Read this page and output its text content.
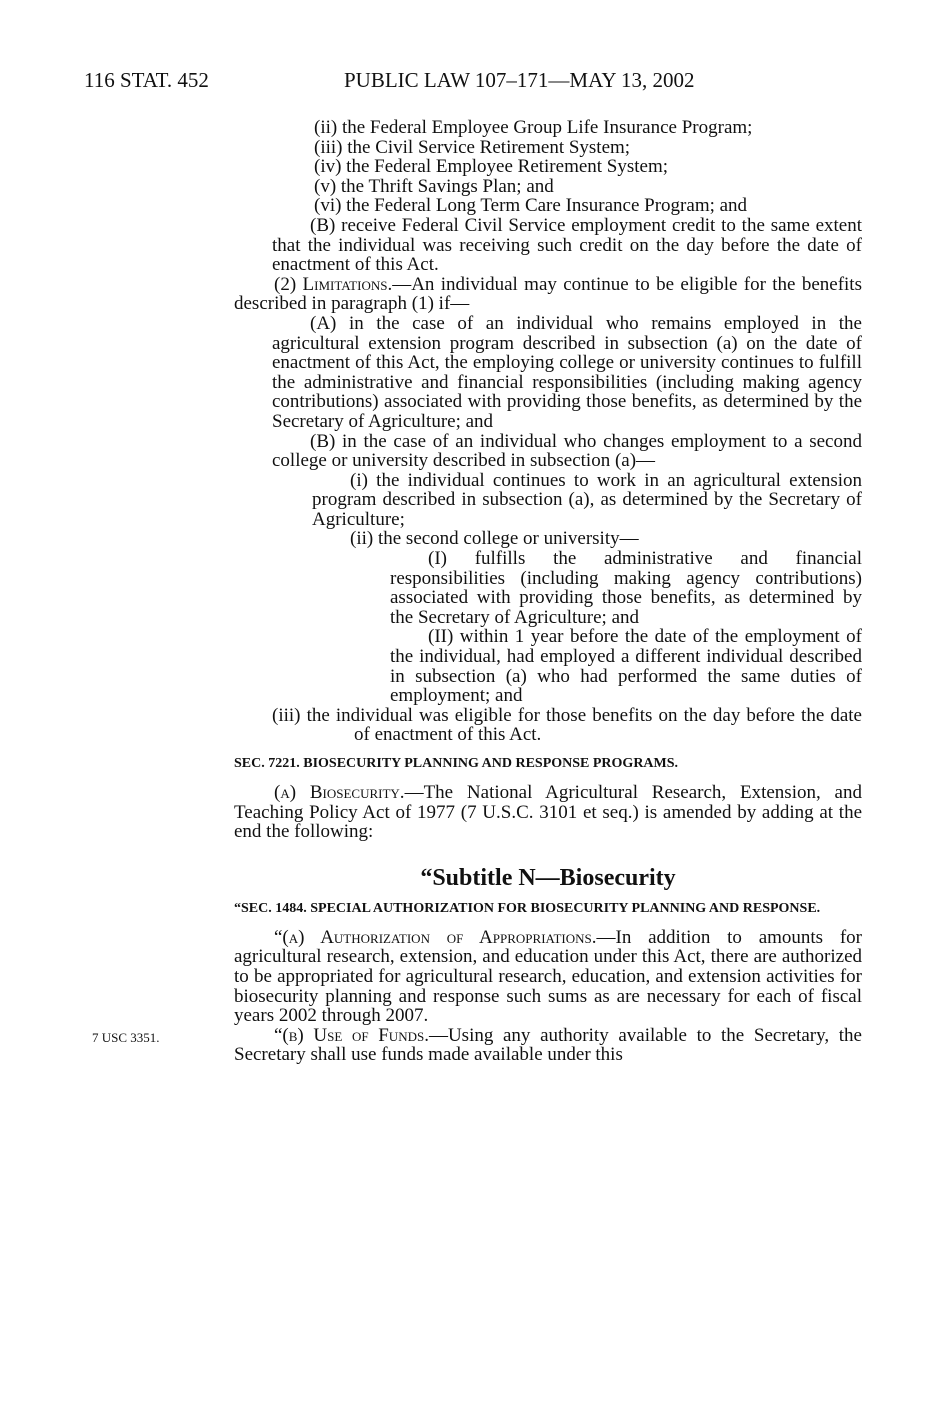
116 STAT. 452	PUBLIC LAW 107–171—MAY 13, 2002
7 USC 3351.

(ii) the Federal Employee Group Life Insurance Program;

(iii) the Civil Service Retirement System;

(iv) the Federal Employee Retirement System;

(v) the Thrift Savings Plan; and

(vi) the Federal Long Term Care Insurance Program; and

(B) receive Federal Civil Service employment credit to the same extent that the individual was receiving such credit on the day before the date of enactment of this Act.

(2) Limitations.—An individual may continue to be eligible for the benefits described in paragraph (1) if—

(A) in the case of an individual who remains employed in the agricultural extension program described in subsection (a) on the date of enactment of this Act, the employing college or university continues to fulfill the administrative and financial responsibilities (including making agency contributions) associated with providing those benefits, as determined by the Secretary of Agriculture; and

(B) in the case of an individual who changes employment to a second college or university described in subsection (a)—

(i) the individual continues to work in an agricultural extension program described in subsection (a), as determined by the Secretary of Agriculture;

(ii) the second college or university—

(I) fulfills the administrative and financial responsibilities (including making agency contributions) associated with providing those benefits, as determined by the Secretary of Agriculture; and

(II) within 1 year before the date of the employment of the individual, had employed a different individual described in subsection (a) who had performed the same duties of employment; and

(iii) the individual was eligible for those benefits on the day before the date of enactment of this Act.

SEC. 7221. BIOSECURITY PLANNING AND RESPONSE PROGRAMS.

(a) Biosecurity.—The National Agricultural Research, Extension, and Teaching Policy Act of 1977 (7 U.S.C. 3101 et seq.) is amended by adding at the end the following:

“Subtitle N—Biosecurity

“SEC. 1484. SPECIAL AUTHORIZATION FOR BIOSECURITY PLANNING AND RESPONSE.

“(a) Authorization of Appropriations.—In addition to amounts for agricultural research, extension, and education under this Act, there are authorized to be appropriated for agricultural research, education, and extension activities for biosecurity planning and response such sums as are necessary for each of fiscal years 2002 through 2007.

“(b) Use of Funds.—Using any authority available to the Secretary, the Secretary shall use funds made available under this
